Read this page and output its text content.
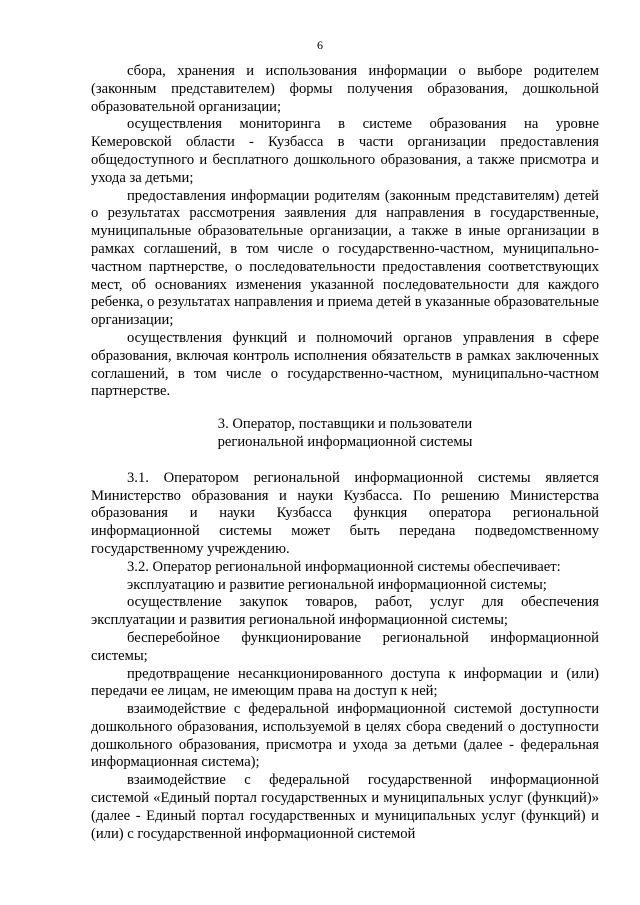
6

сбора, хранения и использования информации о выборе родителем (законным представителем) формы получения образования, дошкольной образовательной организации;

осуществления мониторинга в системе образования на уровне Кемеровской области - Кузбасса в части организации предоставления общедоступного и бесплатного дошкольного образования, а также присмотра и ухода за детьми;

предоставления информации родителям (законным представителям) детей о результатах рассмотрения заявления для направления в государственные, муниципальные образовательные организации, а также в иные организации в рамках соглашений, в том числе о государственно-частном, муниципально-частном партнерстве, о последовательности предоставления соответствующих мест, об основаниях изменения указанной последовательности для каждого ребенка, о результатах направления и приема детей в указанные образовательные организации;

осуществления функций и полномочий органов управления в сфере образования, включая контроль исполнения обязательств в рамках заключенных соглашений, в том числе о государственно-частном, муниципально-частном партнерстве.

3. Оператор, поставщики и пользователи

региональной информационной системы

3.1. Оператором региональной информационной системы является Министерство образования и науки Кузбасса. По решению Министерства образования и науки Кузбасса функция оператора региональной информационной системы может быть передана подведомственному государственному учреждению.

3.2. Оператор региональной информационной системы обеспечивает:

эксплуатацию и развитие региональной информационной системы;

осуществление закупок товаров, работ, услуг для обеспечения эксплуатации и развития региональной информационной системы;

бесперебойное функционирование региональной информационной системы;

предотвращение несанкционированного доступа к информации и (или) передачи ее лицам, не имеющим права на доступ к ней;

взаимодействие с федеральной информационной системой доступности дошкольного образования, используемой в целях сбора сведений о доступности дошкольного образования, присмотра и ухода за детьми (далее - федеральная информационная система);

взаимодействие с федеральной государственной информационной системой «Единый портал государственных и муниципальных услуг (функций)» (далее - Единый портал государственных и муниципальных услуг (функций) и (или) с государственной информационной системой
